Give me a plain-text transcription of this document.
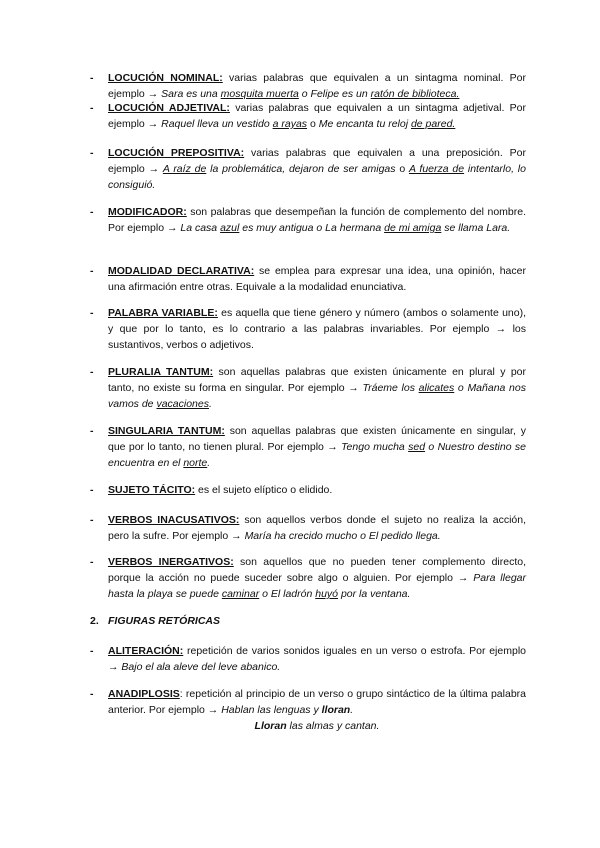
- LOCUCIÓN NOMINAL: varias palabras que equivalen a un sintagma nominal. Por ejemplo → Sara es una mosquita muerta o Felipe es un ratón de biblioteca.
- LOCUCIÓN ADJETIVAL: varias palabras que equivalen a un sintagma adjetival. Por ejemplo → Raquel lleva un vestido a rayas o Me encanta tu reloj de pared.
- LOCUCIÓN PREPOSITIVA: varias palabras que equivalen a una preposición. Por ejemplo → A raíz de la problemática, dejaron de ser amigas o A fuerza de intentarlo, lo consiguió.
- MODIFICADOR: son palabras que desempeñan la función de complemento del nombre. Por ejemplo → La casa azul es muy antigua o La hermana de mi amiga se llama Lara.
- MODALIDAD DECLARATIVA: se emplea para expresar una idea, una opinión, hacer una afirmación entre otras. Equivale a la modalidad enunciativa.
- PALABRA VARIABLE: es aquella que tiene género y número (ambos o solamente uno), y que por lo tanto, es lo contrario a las palabras invariables. Por ejemplo → los sustantivos, verbos o adjetivos.
- PLURALIA TANTUM: son aquellas palabras que existen únicamente en plural y por tanto, no existe su forma en singular. Por ejemplo → Tráeme los alicates o Mañana nos vamos de vacaciones.
- SINGULARIA TANTUM: son aquellas palabras que existen únicamente en singular, y que por lo tanto, no tienen plural. Por ejemplo → Tengo mucha sed o Nuestro destino se encuentra en el norte.
- SUJETO TÁCITO: es el sujeto elíptico o elidido.
- VERBOS INACUSATIVOS: son aquellos verbos donde el sujeto no realiza la acción, pero la sufre. Por ejemplo → María ha crecido mucho o El pedido llega.
- VERBOS INERGATIVOS: son aquellos que no pueden tener complemento directo, porque la acción no puede suceder sobre algo o alguien. Por ejemplo → Para llegar hasta la playa se puede caminar o El ladrón huyó por la ventana.
2. FIGURAS RETÓRICAS
- ALITERACIÓN: repetición de varios sonidos iguales en un verso o estrofa. Por ejemplo → Bajo el ala aleve del leve abanico.
- ANADIPLOSIS: repetición al principio de un verso o grupo sintáctico de la última palabra anterior. Por ejemplo → Hablan las lenguas y lloran.
Lloran las almas y cantan.
